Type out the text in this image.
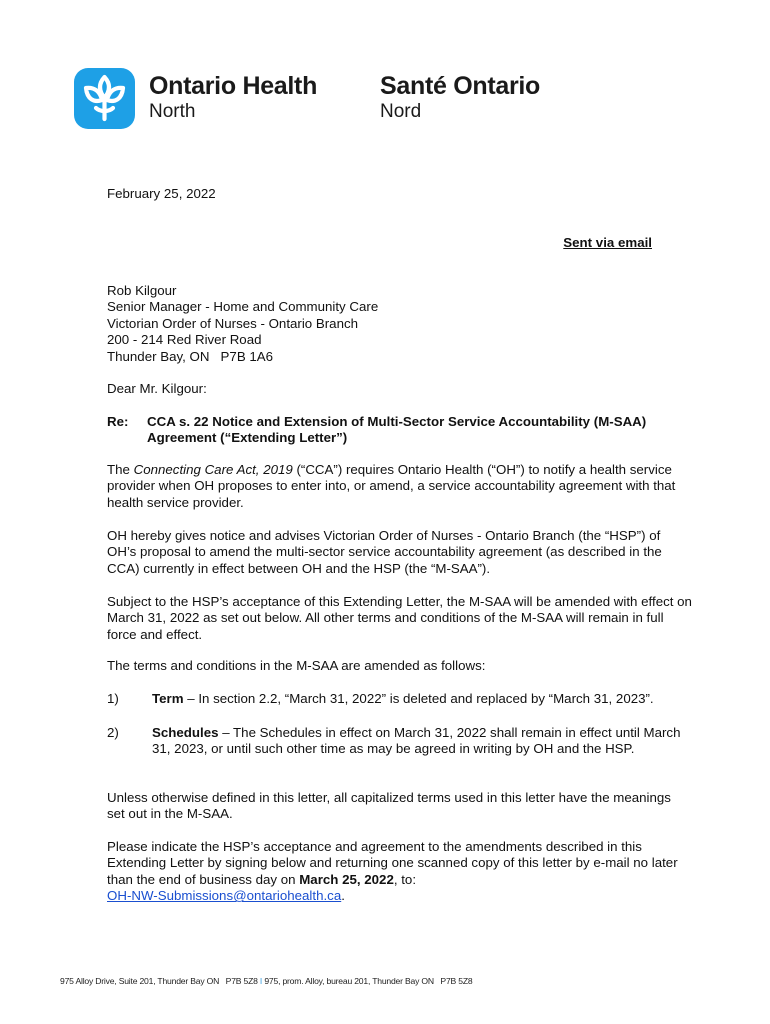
Ontario Health	Santé Ontario
North	Nord
February 25, 2022
Sent via email
Rob Kilgour
Senior Manager - Home and Community Care
Victorian Order of Nurses - Ontario Branch
200 - 214 Red River Road
Thunder Bay, ON   P7B 1A6
Dear Mr. Kilgour:
Re: CCA s. 22 Notice and Extension of Multi-Sector Service Accountability (M-SAA) Agreement (“Extending Letter”)
The Connecting Care Act, 2019 (“CCA”) requires Ontario Health (“OH”) to notify a health service provider when OH proposes to enter into, or amend, a service accountability agreement with that health service provider.
OH hereby gives notice and advises Victorian Order of Nurses - Ontario Branch (the “HSP”) of OH’s proposal to amend the multi-sector service accountability agreement (as described in the CCA) currently in effect between OH and the HSP (the “M-SAA”).
Subject to the HSP’s acceptance of this Extending Letter, the M-SAA will be amended with effect on March 31, 2022 as set out below. All other terms and conditions of the M-SAA will remain in full force and effect.
The terms and conditions in the M-SAA are amended as follows:
1) Term – In section 2.2, “March 31, 2022” is deleted and replaced by “March 31, 2023”.
2) Schedules – The Schedules in effect on March 31, 2022 shall remain in effect until March 31, 2023, or until such other time as may be agreed in writing by OH and the HSP.
Unless otherwise defined in this letter, all capitalized terms used in this letter have the meanings set out in the M-SAA.
Please indicate the HSP’s acceptance and agreement to the amendments described in this Extending Letter by signing below and returning one scanned copy of this letter by e-mail no later than the end of business day on March 25, 2022, to:
OH-NW-Submissions@ontariohealth.ca.
975 Alloy Drive, Suite 201, Thunder Bay ON   P7B 5Z8 I 975, prom. Alloy, bureau 201, Thunder Bay ON   P7B 5Z8
